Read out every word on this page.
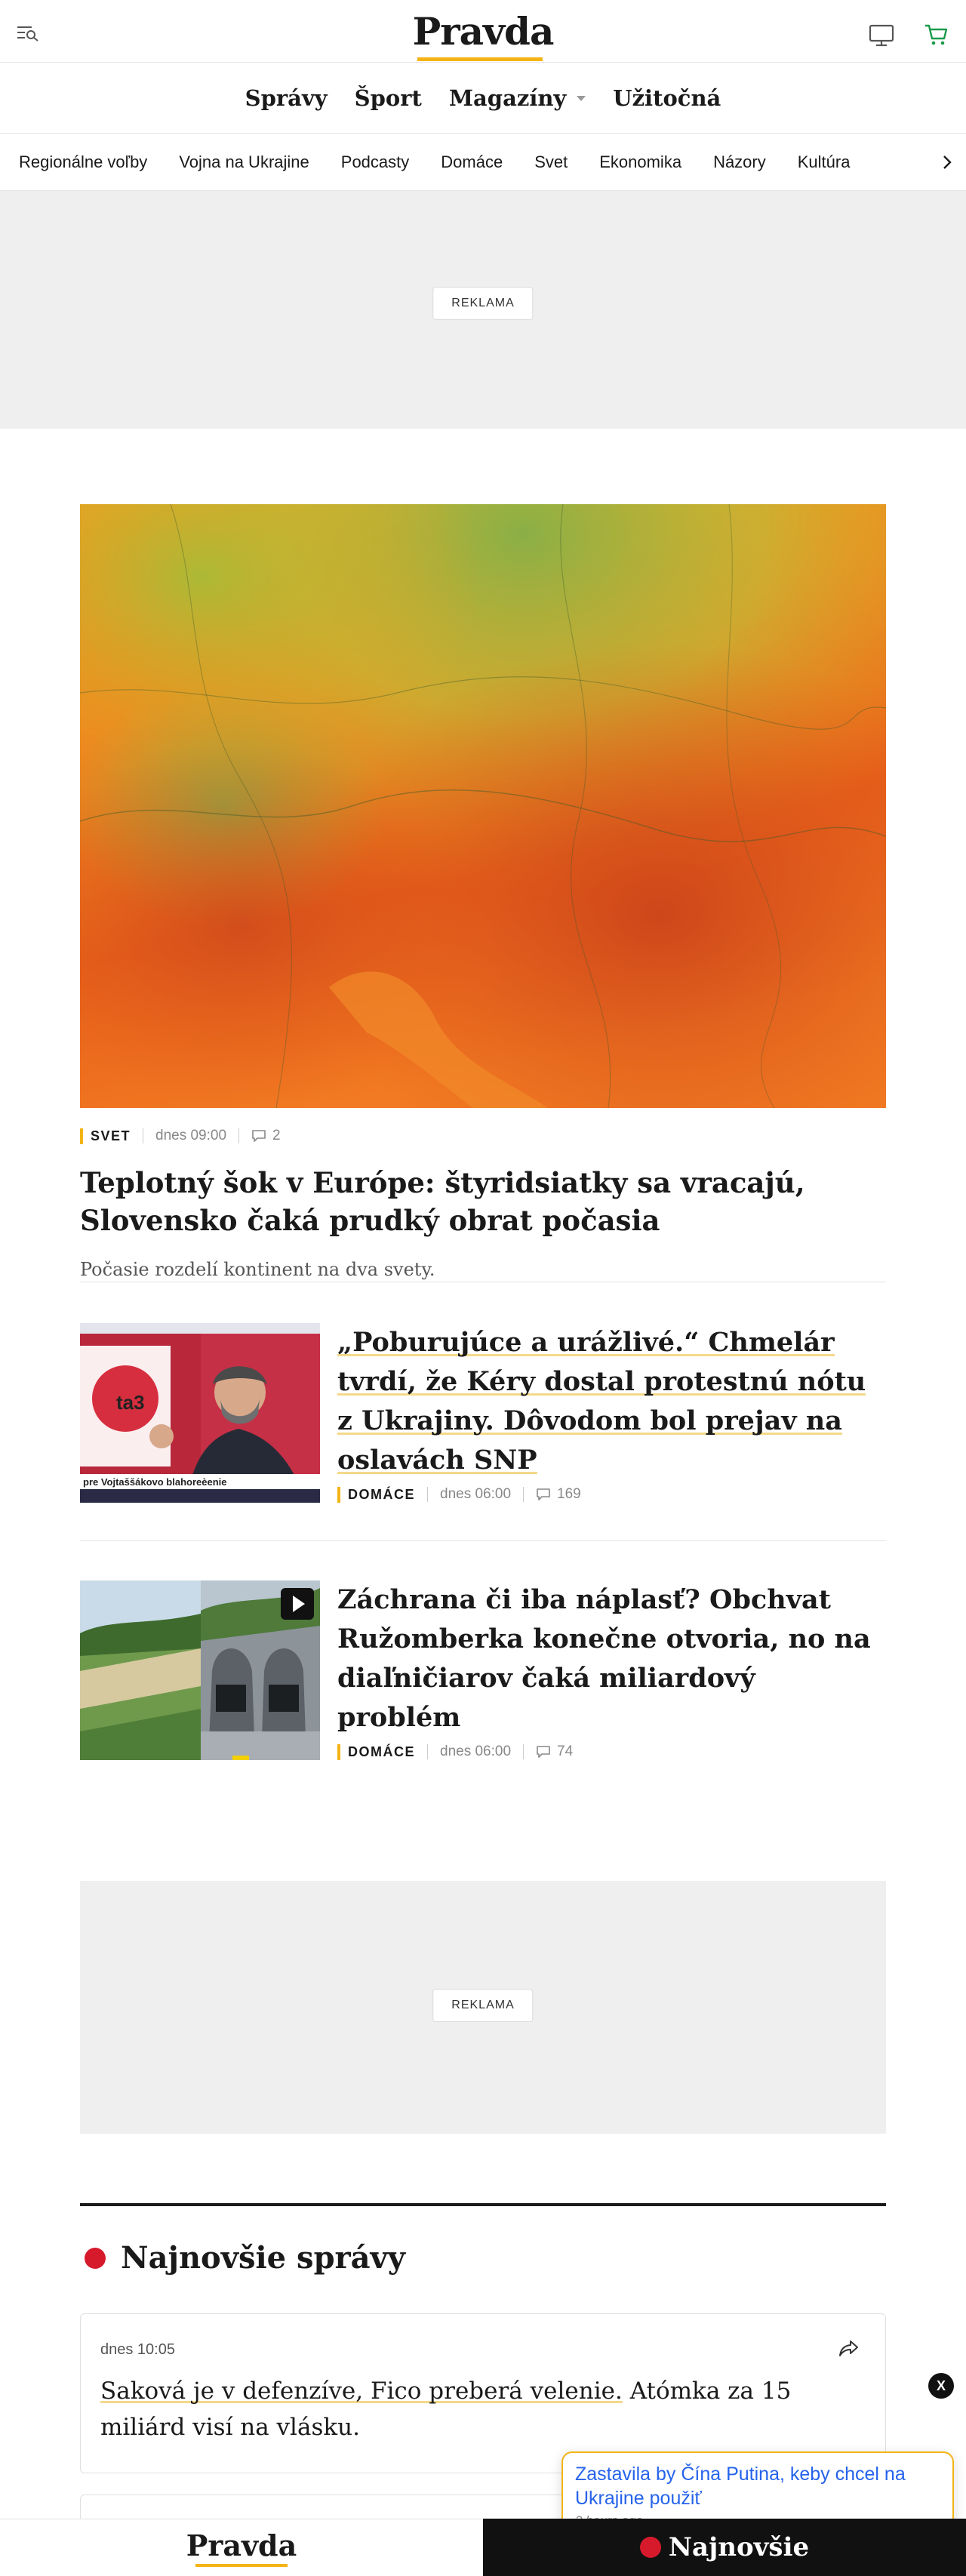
Pravda
Správy Šport Magazíny Užitočná
Regionálne voľby Vojna na Ukrajine Podcasty Domáce Svet Ekonomika Názory Kultúra
REKLAMA
SVET dnes 09:00	2
Teplotný šok v Európe: štyridsiatky sa vracajú, Slovensko čaká prudký obrat počasia

Počasie rozdelí kontinent na dva svety.

ta3
pre Vojtaššákovo blahoreèenie
„Poburujúce a urážlivé.“ Chmelár tvrdí, že Kéry dostal protestnú nótu z Ukrajiny. Dôvodom bol prejav na oslavách SNP
DOMÁCE dnes 06:00	169
Záchrana či iba náplasť? Obchvat Ružomberka konečne otvoria, no na diaľničiarov čaká miliardový problém
DOMÁCE dnes 06:00	74
REKLAMA
Najnovšie správy
dnes 10:05

Saková je v defenzíve, Fico preberá velenie. Atómka za 15 miliárd visí na vlásku.

X
Zastavila by Čína Putina, keby chcel na Ukrajine použiť
Pravda	Najnovšie
